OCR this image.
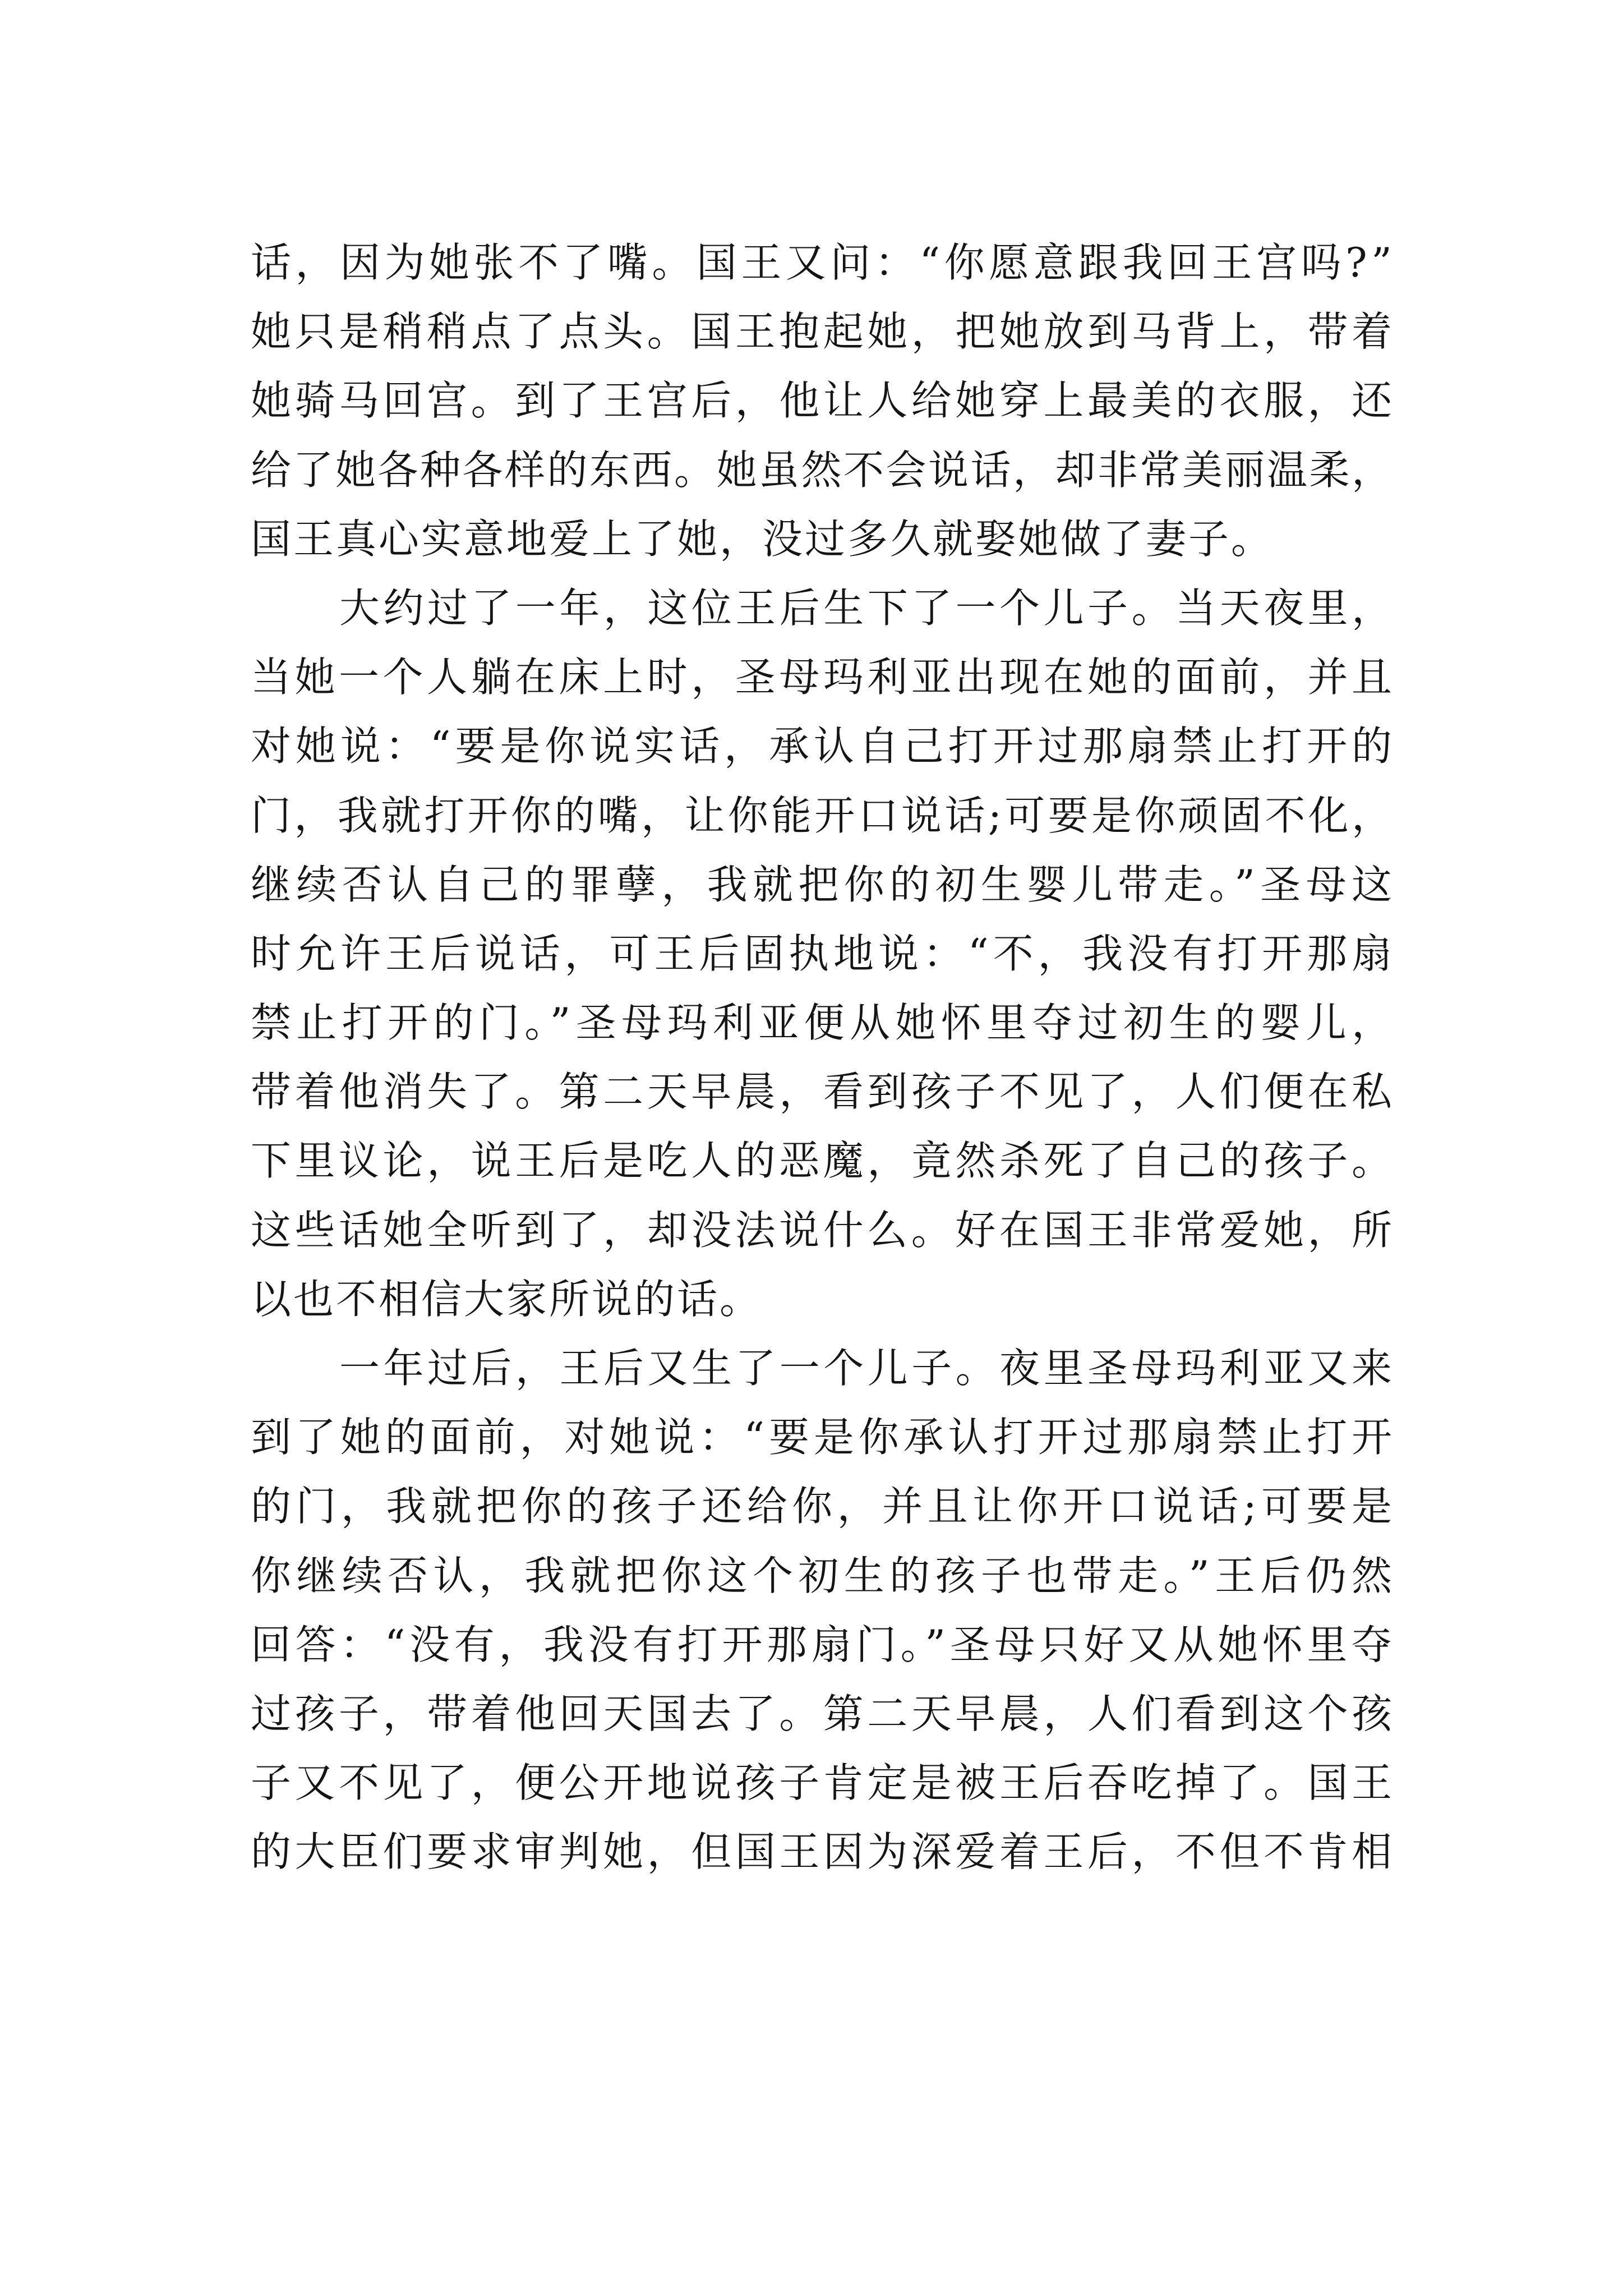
话，因为她张不了嘴。国王又问：“你愿意跟我回王宫吗?”
她只是稍稍点了点头。国王抱起她，把她放到马背上，带着
她骑马回宫。到了王宫后，他让人给她穿上最美的衣服，还
给了她各种各样的东西。她虽然不会说话，却非常美丽温柔，
国王真心实意地爱上了她，没过多久就娶她做了妻子。
大约过了一年，这位王后生下了一个儿子。当天夜里，
当她一个人躺在床上时，圣母玛利亚出现在她的面前，并且
对她说：“要是你说实话，承认自己打开过那扇禁止打开的
门，我就打开你的嘴，让你能开口说话;可要是你顽固不化，
继续否认自己的罪孽，我就把你的初生婴儿带走。”圣母这
时允许王后说话，可王后固执地说：“不，我没有打开那扇
禁止打开的门。”圣母玛利亚便从她怀里夺过初生的婴儿，
带着他消失了。第二天早晨，看到孩子不见了，人们便在私
下里议论，说王后是吃人的恶魔，竟然杀死了自己的孩子。
这些话她全听到了，却没法说什么。好在国王非常爱她，所
以也不相信大家所说的话。
一年过后，王后又生了一个儿子。夜里圣母玛利亚又来
到了她的面前，对她说：“要是你承认打开过那扇禁止打开
的门，我就把你的孩子还给你，并且让你开口说话;可要是
你继续否认，我就把你这个初生的孩子也带走。”王后仍然
回答：“没有，我没有打开那扇门。”圣母只好又从她怀里夺
过孩子，带着他回天国去了。第二天早晨，人们看到这个孩
子又不见了，便公开地说孩子肯定是被王后吞吃掉了。国王
的大臣们要求审判她，但国王因为深爱着王后，不但不肯相
